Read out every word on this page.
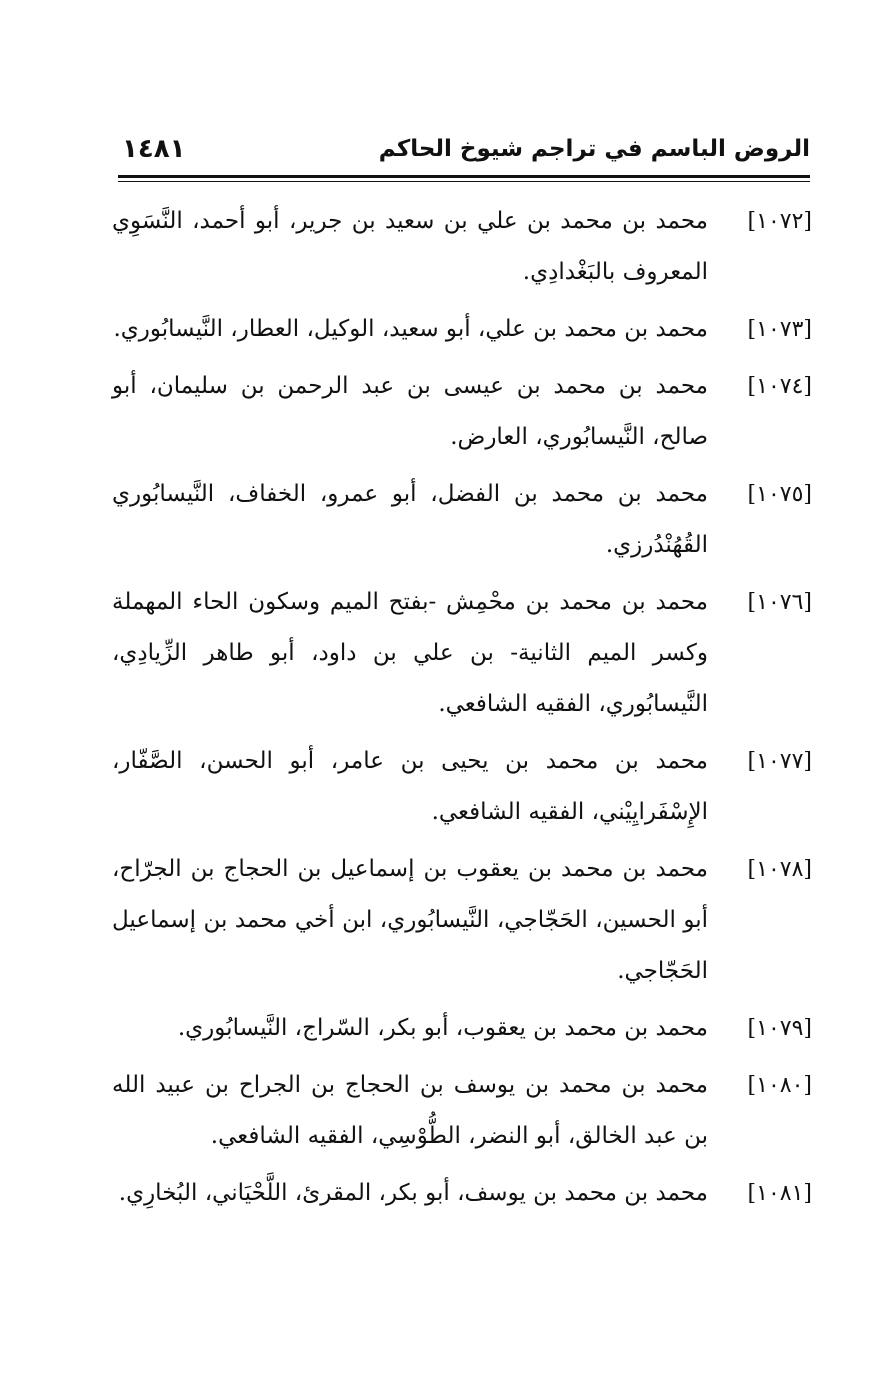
الروض الباسم في تراجم شيوخ الحاكم
١٤٨١
[١٠٧٢]
محمد بن محمد بن علي بن سعيد بن جرير، أبو أحمد، النَّسَوِي المعروف بالبَغْدادِي.
[١٠٧٣]
محمد بن محمد بن علي، أبو سعيد، الوكيل، العطار، النَّيسابُوري.
[١٠٧٤]
محمد بن محمد بن عيسى بن عبد الرحمن بن سليمان، أبو صالح، النَّيسابُوري، العارض.
[١٠٧٥]
محمد بن محمد بن الفضل، أبو عمرو، الخفاف، النَّيسابُوري القُهُنْدُرزي.
[١٠٧٦]
محمد بن محمد بن محْمِش -بفتح الميم وسكون الحاء المهملة وكسر الميم الثانية- بن علي بن داود، أبو طاهر الزِّيادِي، النَّيسابُوري، الفقيه الشافعي.
[١٠٧٧]
محمد بن محمد بن يحيى بن عامر، أبو الحسن، الصَّفّار، الإِسْفَرايِيْني، الفقيه الشافعي.
[١٠٧٨]
محمد بن محمد بن يعقوب بن إسماعيل بن الحجاج بن الجرّاح، أبو الحسين، الحَجّاجي، النَّيسابُوري، ابن أخي محمد بن إسماعيل الحَجّاجي.
[١٠٧٩]
محمد بن محمد بن يعقوب، أبو بكر، السّراج، النَّيسابُوري.
[١٠٨٠]
محمد بن محمد بن يوسف بن الحجاج بن الجراح بن عبيد الله بن عبد الخالق، أبو النضر، الطُّوْسِي، الفقيه الشافعي.
[١٠٨١]
محمد بن محمد بن يوسف، أبو بكر، المقرئ، اللَّحْيَاني، البُخارِي.
